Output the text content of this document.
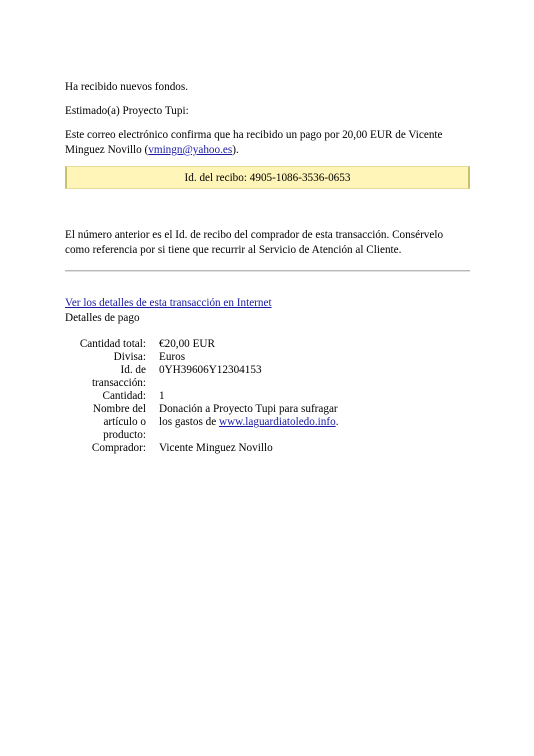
Ha recibido nuevos fondos.

Estimado(a) Proyecto Tupi:

Este correo electrónico confirma que ha recibido un pago por 20,00 EUR de Vicente Minguez Novillo (vmingn@yahoo.es).

Id. del recibo: 4905-1086-3536-0653

El número anterior es el Id. de recibo del comprador de esta transacción. Consérvelo como referencia por si tiene que recurrir al Servicio de Atención al Cliente.

Ver los detalles de esta transacción en Internet

Detalles de pago

Cantidad total:	€20,00 EUR
Divisa:	Euros
Id. de transacción:	0YH39606Y12304153
Cantidad:	1
Nombre del artículo o producto:	Donación a Proyecto Tupi para sufragar los gastos de www.laguardiatoledo.info.
Comprador:	Vicente Minguez Novillo
